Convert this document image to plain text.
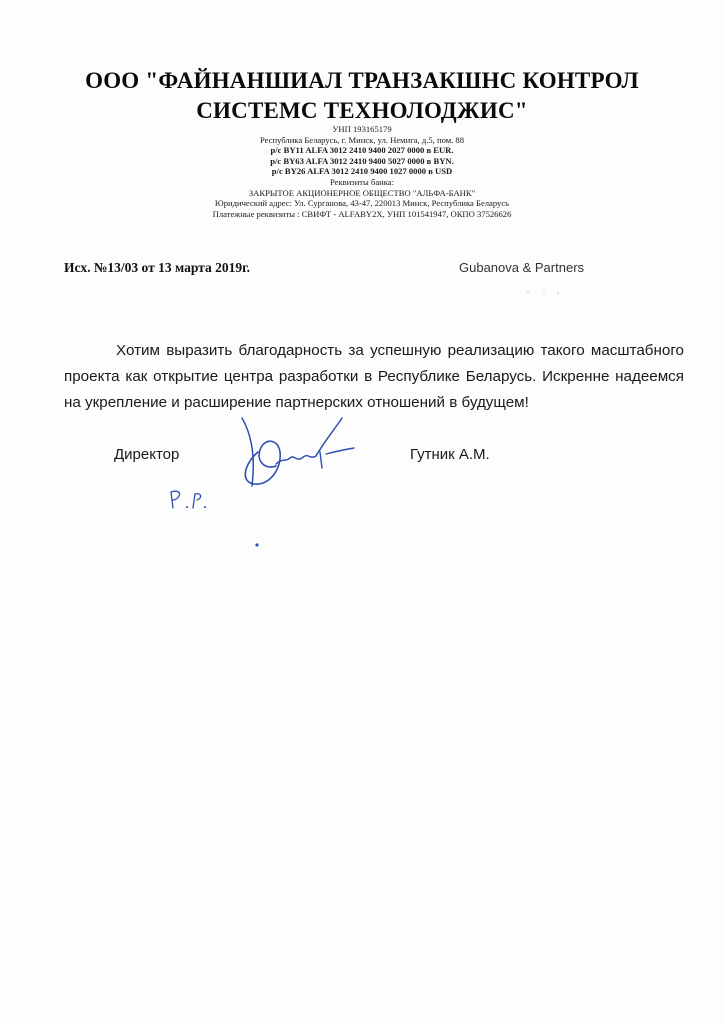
ООО "ФАЙНАНШИАЛ ТРАНЗАКШНС КОНТРОЛ
СИСТЕМС ТЕХНОЛОДЖИС"
УНП 193165179
Республика Беларусь, г. Минск, ул. Немига, д.5, пом. 88
р/с BY11 ALFA 3012 2410 9400 2027 0000 в EUR.
р/с BY63 ALFA 3012 2410 9400 5027 0000 в BYN.
р/с BY26 ALFA 3012 2410 9400 1027 0000 в USD
Реквизиты банка:
ЗАКРЫТОЕ АКЦИОНЕРНОЕ ОБЩЕСТВО "АЛЬФА-БАНК"
Юридический адрес: Ул. Сурганова, 43-47, 220013 Минск, Республика Беларусь
Платежные реквизиты : СВИФТ - ALFABY2X, УНП 101541947, ОКПО 37526626
Исх. №13/03 от 13 марта 2019г.	Gubanova & Partners
Хотим выразить благодарность за успешную реализацию такого масштабного проекта как открытие центра разработки в Республике Беларусь. Искренне надеемся на укрепление и расширение партнерских отношений в будущем!
Директор	Гутник А.М.
